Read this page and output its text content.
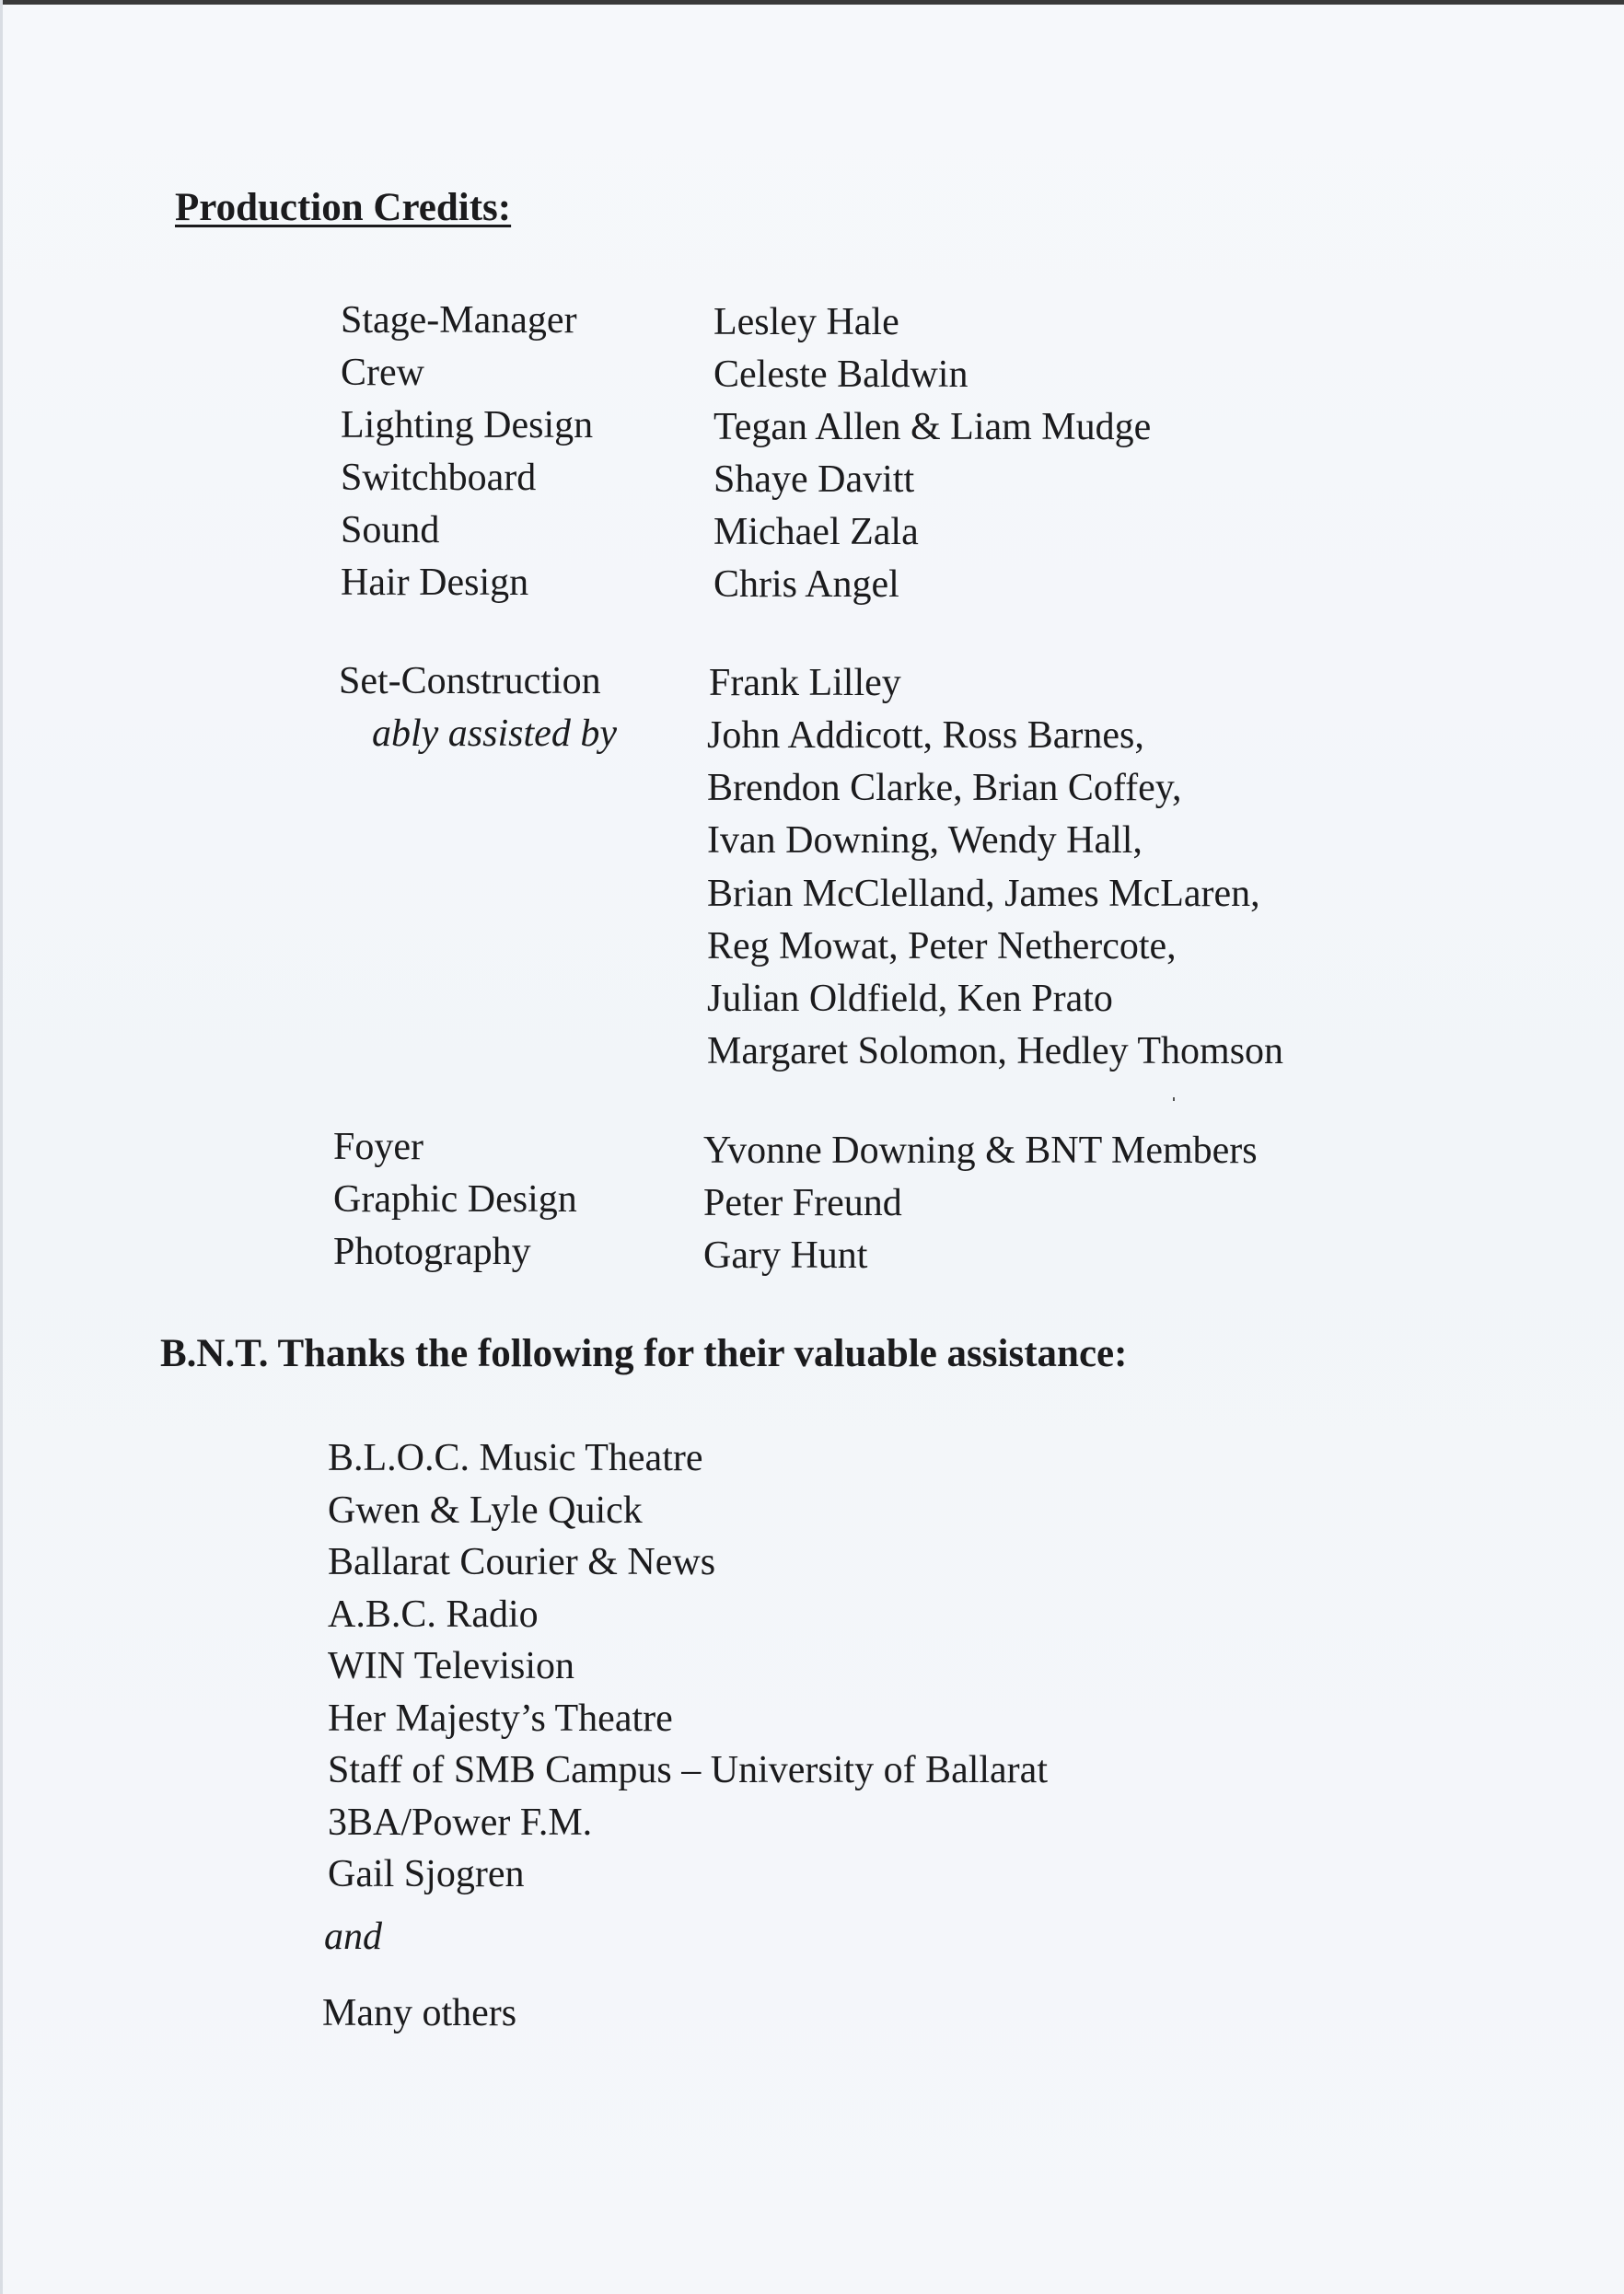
Production Credits:
Stage-Manager
Crew
Lighting Design
Switchboard
Sound
Hair Design
Lesley Hale
Celeste Baldwin
Tegan Allen & Liam Mudge
Shaye Davitt
Michael Zala
Chris Angel
Set-Construction
ably assisted by
Frank Lilley
John Addicott, Ross Barnes,
Brendon Clarke, Brian Coffey,
Ivan Downing, Wendy Hall,
Brian McClelland, James McLaren,
Reg Mowat, Peter Nethercote,
Julian Oldfield, Ken Prato
Margaret Solomon, Hedley Thomson
Foyer
Graphic Design
Photography
Yvonne Downing & BNT Members
Peter Freund
Gary Hunt
B.N.T. Thanks the following for their valuable assistance:
B.L.O.C. Music Theatre
Gwen & Lyle Quick
Ballarat Courier & News
A.B.C. Radio
WIN Television
Her Majesty’s Theatre
Staff of SMB Campus – University of Ballarat
3BA/Power F.M.
Gail Sjogren
and
Many others
